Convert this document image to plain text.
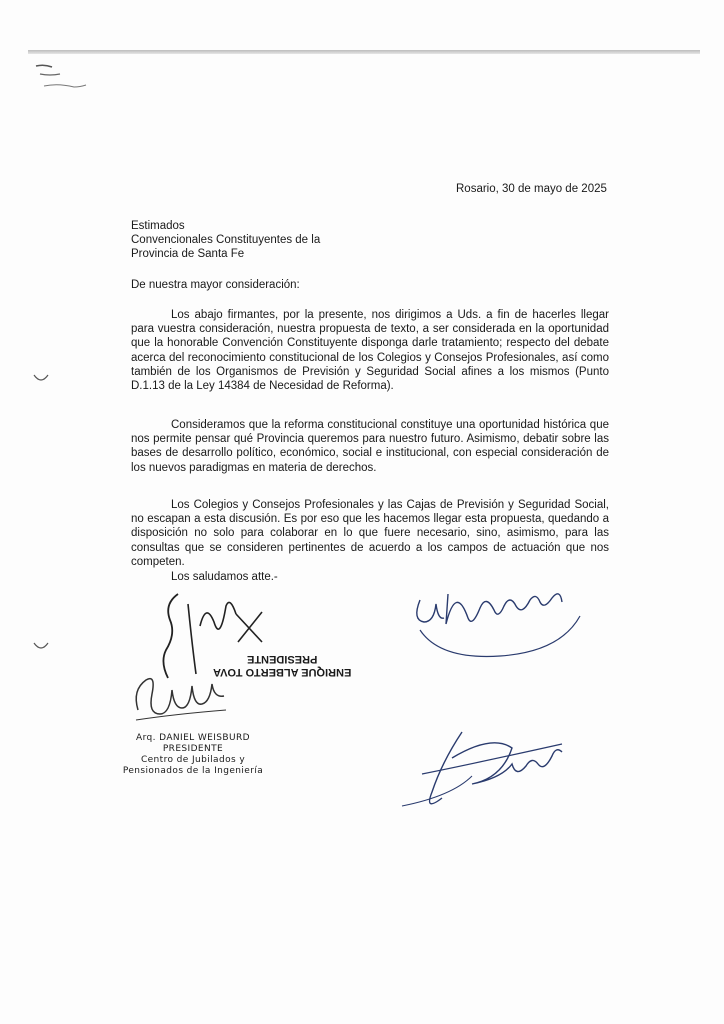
Rosario, 30 de mayo de 2025
Estimados
Convencionales Constituyentes de la
Provincia de Santa Fe
De nuestra mayor consideración:

Los abajo firmantes, por la presente, nos dirigimos a Uds. a fin de hacerles llegar para vuestra consideración, nuestra propuesta de texto, a ser considerada en la oportunidad que la honorable Convención Constituyente disponga darle tratamiento; respecto del debate acerca del reconocimiento constitucional de los Colegios y Consejos Profesionales, así como también de los Organismos de Previsión y Seguridad Social afines a los mismos (Punto D.1.13 de la Ley 14384 de Necesidad de Reforma).

Consideramos que la reforma constitucional constituye una oportunidad histórica que nos permite pensar qué Provincia queremos para nuestro futuro. Asimismo, debatir sobre las bases de desarrollo político, económico, social e institucional, con especial consideración de los nuevos paradigmas en materia de derechos.

Los Colegios y Consejos Profesionales y las Cajas de Previsión y Seguridad Social, no escapan a esta discusión. Es por eso que les hacemos llegar esta propuesta, quedando a disposición no solo para colaborar en lo que fuere necesario, sino, asimismo, para las consultas que se consideren pertinentes de acuerdo a los campos de actuación que nos competen.

Los saludamos atte.-
ENRIQUE ALBERTO TOVA
PRESIDENTE
Arq. DANIEL WEISBURD
PRESIDENTE
Centro de Jubilados y
Pensionados de la Ingeniería
